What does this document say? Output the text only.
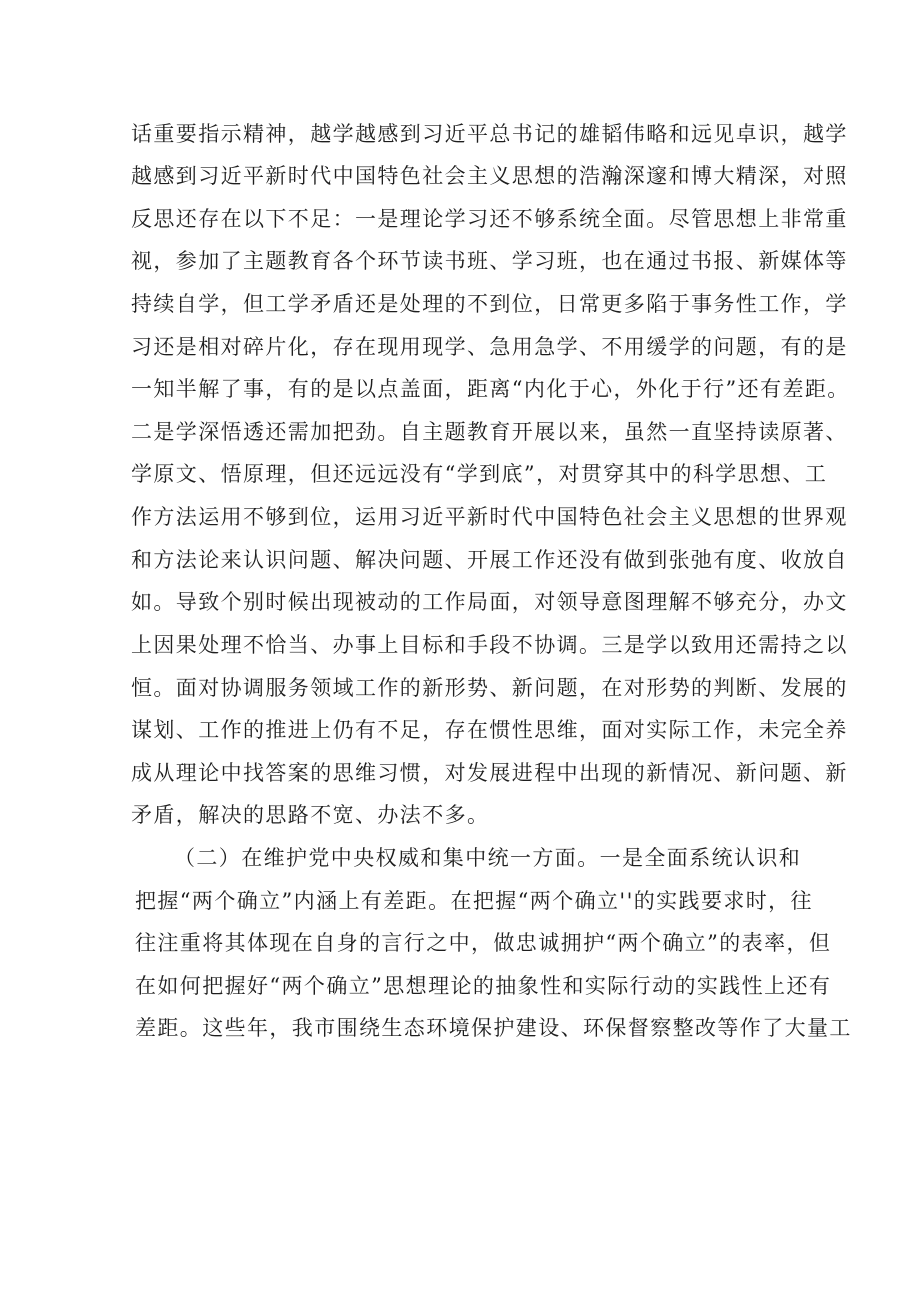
话重要指示精神，越学越感到习近平总书记的雄韬伟略和远见卓识，越学
越感到习近平新时代中国特色社会主义思想的浩瀚深邃和博大精深，对照
反思还存在以下不足：一是理论学习还不够系统全面。尽管思想上非常重
视，参加了主题教育各个环节读书班、学习班，也在通过书报、新媒体等
持续自学，但工学矛盾还是处理的不到位，日常更多陷于事务性工作，学
习还是相对碎片化，存在现用现学、急用急学、不用缓学的问题，有的是
一知半解了事，有的是以点盖面，距离“内化于心，外化于行”还有差距。
二是学深悟透还需加把劲。自主题教育开展以来，虽然一直坚持读原著、
学原文、悟原理，但还远远没有“学到底”，对贯穿其中的科学思想、工
作方法运用不够到位，运用习近平新时代中国特色社会主义思想的世界观
和方法论来认识问题、解决问题、开展工作还没有做到张弛有度、收放自
如。导致个别时候出现被动的工作局面，对领导意图理解不够充分，办文
上因果处理不恰当、办事上目标和手段不协调。三是学以致用还需持之以
恒。面对协调服务领域工作的新形势、新问题，在对形势的判断、发展的
谋划、工作的推进上仍有不足，存在惯性思维，面对实际工作，未完全养
成从理论中找答案的思维习惯，对发展进程中出现的新情况、新问题、新
矛盾，解决的思路不宽、办法不多。
（二）在维护党中央权威和集中统一方面。一是全面系统认识和
把握“两个确立”内涵上有差距。在把握“两个确立''的实践要求时，往
往注重将其体现在自身的言行之中，做忠诚拥护“两个确立”的表率，但
在如何把握好“两个确立”思想理论的抽象性和实际行动的实践性上还有
差距。这些年，我市围绕生态环境保护建设、环保督察整改等作了大量工
